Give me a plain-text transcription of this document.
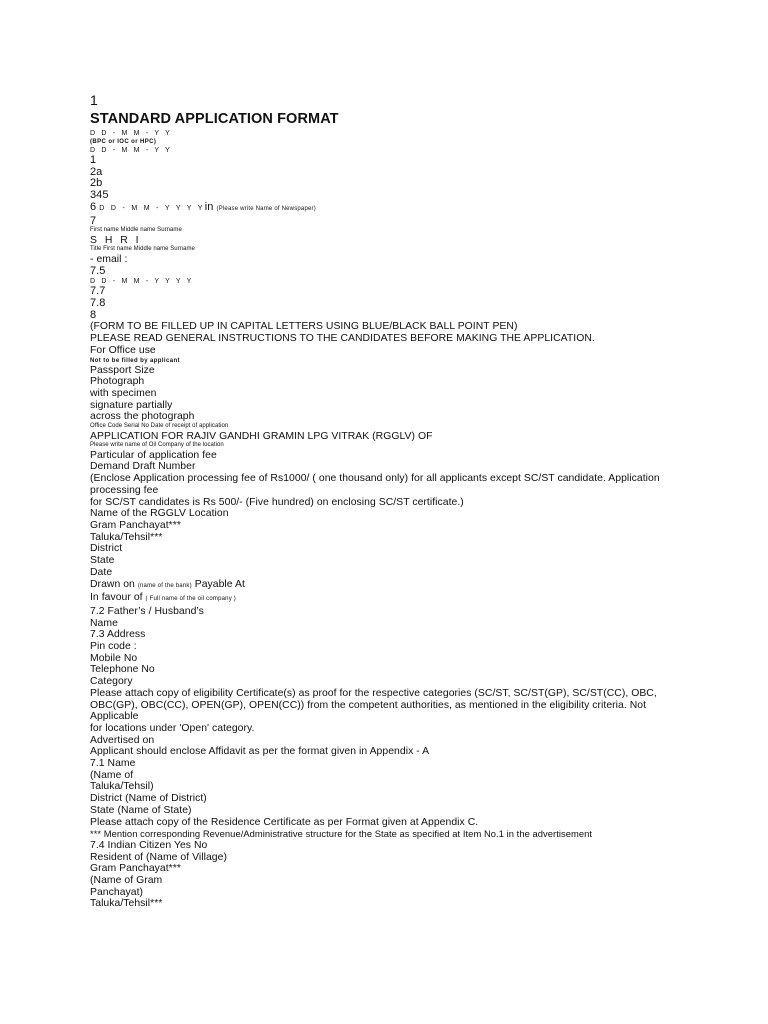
1
STANDARD APPLICATION FORMAT
D D - M M - Y Y
(BPC or IOC or HPC)
D D - M M - Y Y
1
2a
2b
345
6 D D - M M - Y Y Y Yin (Please write Name of Newspaper)
7
First name Middle name Surname
S H R I
Title First name Middle name Surname
- email :
7.5
D D - M M - Y Y Y Y
7.7
7.8
8
(FORM TO BE FILLED UP IN CAPITAL LETTERS USING BLUE/BLACK BALL POINT PEN)
PLEASE READ GENERAL INSTRUCTIONS TO THE CANDIDATES BEFORE MAKING THE APPLICATION.
For Office use
Not to be filled by applicant
Passport Size
Photograph
with specimen
signature partially
across the photograph
Office Code Serial No Date of receipt of application
APPLICATION FOR RAJIV GANDHI GRAMIN LPG VITRAK (RGGLV) OF
Please write name of Oil Company of the location
Particular of application fee
Demand Draft Number
(Enclose Application processing fee of Rs1000/ ( one thousand only) for all applicants except SC/ST candidate. Application processing fee
for SC/ST candidates is Rs 500/- (Five hundred) on enclosing SC/ST certificate.)
Name of the RGGLV Location
Gram Panchayat***
Taluka/Tehsil***
District
State
Date
Drawn on (name of the bank) Payable At
In favour of ( Full name of the oil company )
7.2 Father’s / Husband’s
Name
7.3 Address
Pin code :
Mobile No
Telephone No
Category
Please attach copy of eligibility Certificate(s) as proof for the respective categories (SC/ST, SC/ST(GP), SC/ST(CC), OBC, OBC(GP), OBC(CC), OPEN(GP), OPEN(CC)) from the competent authorities, as mentioned in the eligibility criteria. Not Applicable
for locations under 'Open' category.
Advertised on
Applicant should enclose Affidavit as per the format given in Appendix - A
7.1 Name
(Name of
Taluka/Tehsil)
District (Name of District)
State (Name of State)
Please attach copy of the Residence Certificate as per Format given at Appendix C.
*** Mention corresponding Revenue/Administrative structure for the State as specified at Item No.1 in the advertisement
7.4 Indian Citizen Yes No
Resident of (Name of Village)
Gram Panchayat***
(Name of Gram
Panchayat)
Taluka/Tehsil***
